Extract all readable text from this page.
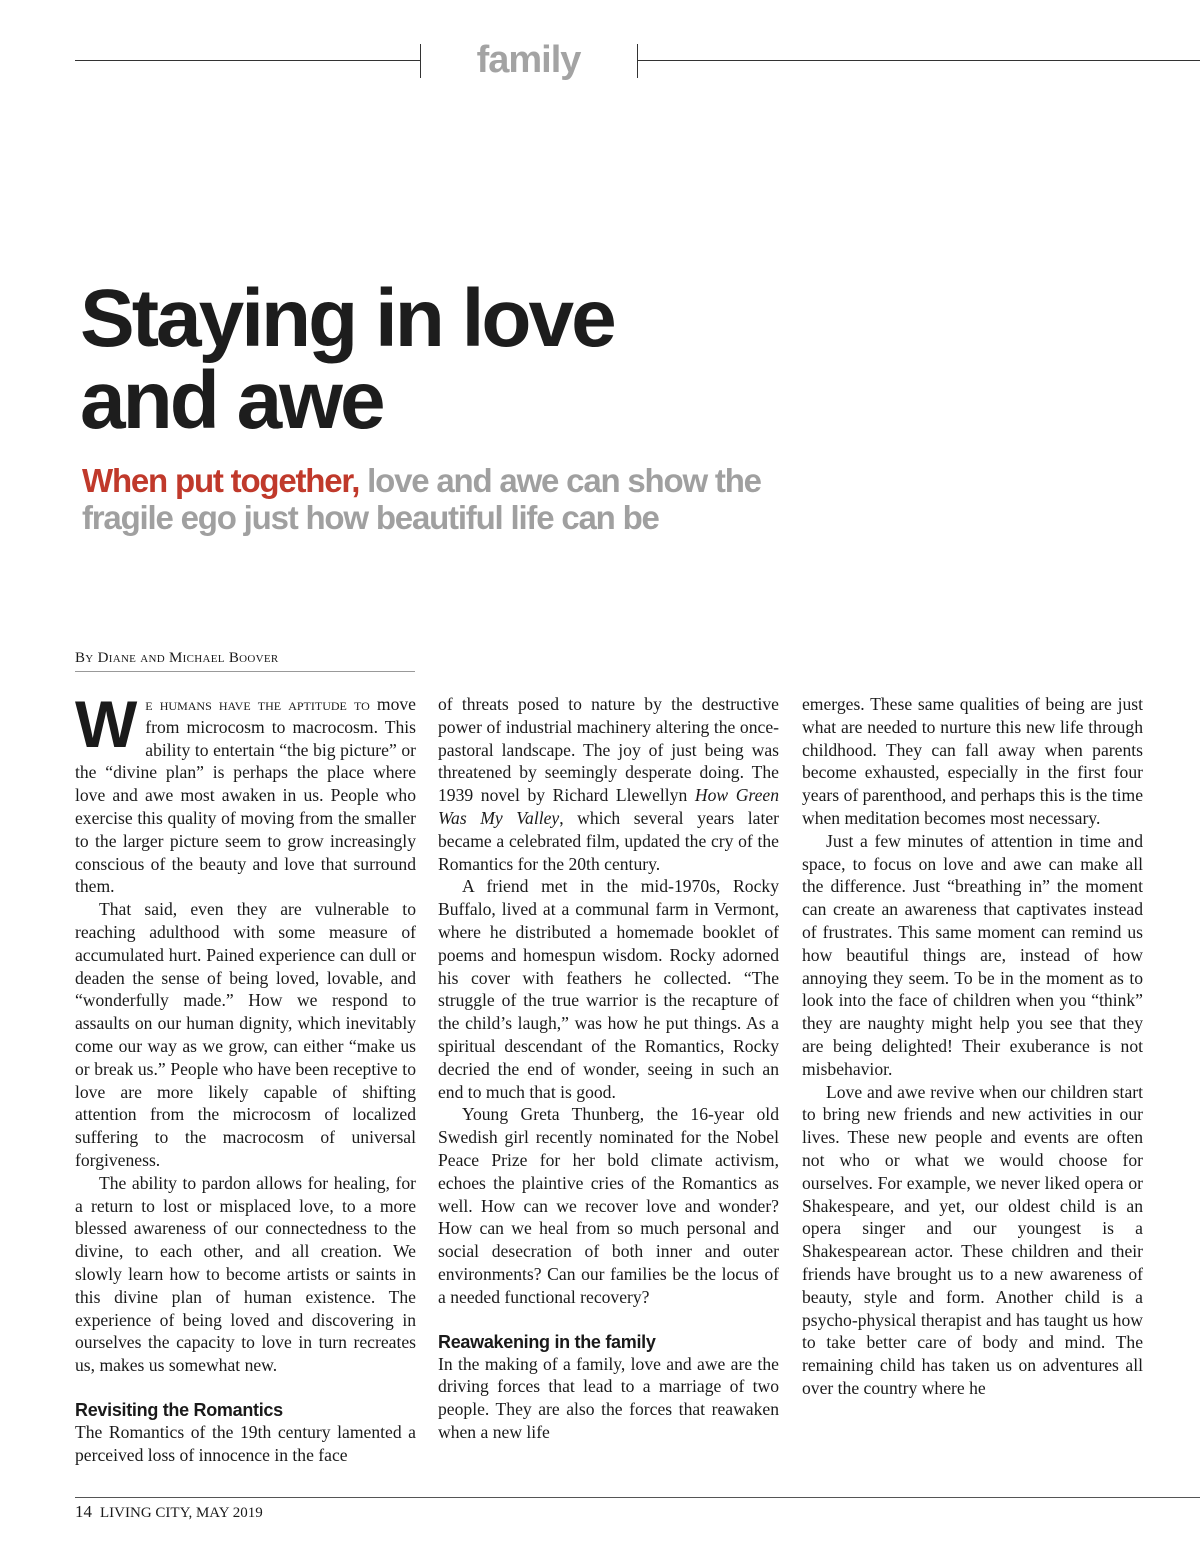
family
Staying in love
and awe
When put together, love and awe can show the fragile ego just how beautiful life can be
By Diane and Michael Boover

We humans have the aptitude to move from microcosm to macrocosm. This ability to entertain “the big picture” or the “divine plan” is perhaps the place where love and awe most awaken in us. People who exercise this quality of moving from the smaller to the larger picture seem to grow increasingly conscious of the beauty and love that surround them.

That said, even they are vulnerable to reaching adulthood with some measure of accumulated hurt. Pained experience can dull or deaden the sense of being loved, lovable, and “wonderfully made.” How we respond to assaults on our human dignity, which inevitably come our way as we grow, can either “make us or break us.” People who have been receptive to love are more likely capable of shifting attention from the microcosm of localized suffering to the macrocosm of universal forgiveness.

The ability to pardon allows for healing, for a return to lost or misplaced love, to a more blessed awareness of our connectedness to the divine, to each other, and all creation. We slowly learn how to become artists or saints in this divine plan of human existence. The experience of being loved and discovering in ourselves the capacity to love in turn recreates us, makes us somewhat new.

Revisiting the Romantics

The Romantics of the 19th century lamented a perceived loss of innocence in the face

of threats posed to nature by the destructive power of industrial machinery altering the once-pastoral landscape. The joy of just being was threatened by seemingly desperate doing. The 1939 novel by Richard Llewellyn How Green Was My Valley, which several years later became a celebrated film, updated the cry of the Romantics for the 20th century.

A friend met in the mid-1970s, Rocky Buffalo, lived at a communal farm in Vermont, where he distributed a homemade booklet of poems and homespun wisdom. Rocky adorned his cover with feathers he collected. “The struggle of the true warrior is the recapture of the child’s laugh,” was how he put things. As a spiritual descendant of the Romantics, Rocky decried the end of wonder, seeing in such an end to much that is good.

Young Greta Thunberg, the 16-year old Swedish girl recently nominated for the Nobel Peace Prize for her bold climate activism, echoes the plaintive cries of the Romantics as well. How can we recover love and wonder? How can we heal from so much personal and social desecration of both inner and outer environments? Can our families be the locus of a needed functional recovery?

Reawakening in the family

In the making of a family, love and awe are the driving forces that lead to a marriage of two people. They are also the forces that reawaken when a new life

emerges. These same qualities of being are just what are needed to nurture this new life through childhood. They can fall away when parents become exhausted, especially in the first four years of parenthood, and perhaps this is the time when meditation becomes most necessary.

Just a few minutes of attention in time and space, to focus on love and awe can make all the difference. Just “breathing in” the moment can create an awareness that captivates instead of frustrates. This same moment can remind us how beautiful things are, instead of how annoying they seem. To be in the moment as to look into the face of children when you “think” they are naughty might help you see that they are being delighted! Their exuberance is not misbehavior.

Love and awe revive when our children start to bring new friends and new activities in our lives. These new people and events are often not who or what we would choose for ourselves. For example, we never liked opera or Shakespeare, and yet, our oldest child is an opera singer and our youngest is a Shakespearean actor. These children and their friends have brought us to a new awareness of beauty, style and form. Another child is a psycho-physical therapist and has taught us how to take better care of body and mind. The remaining child has taken us on adventures all over the country where he

14 LIVING CITY, MAY 2019
